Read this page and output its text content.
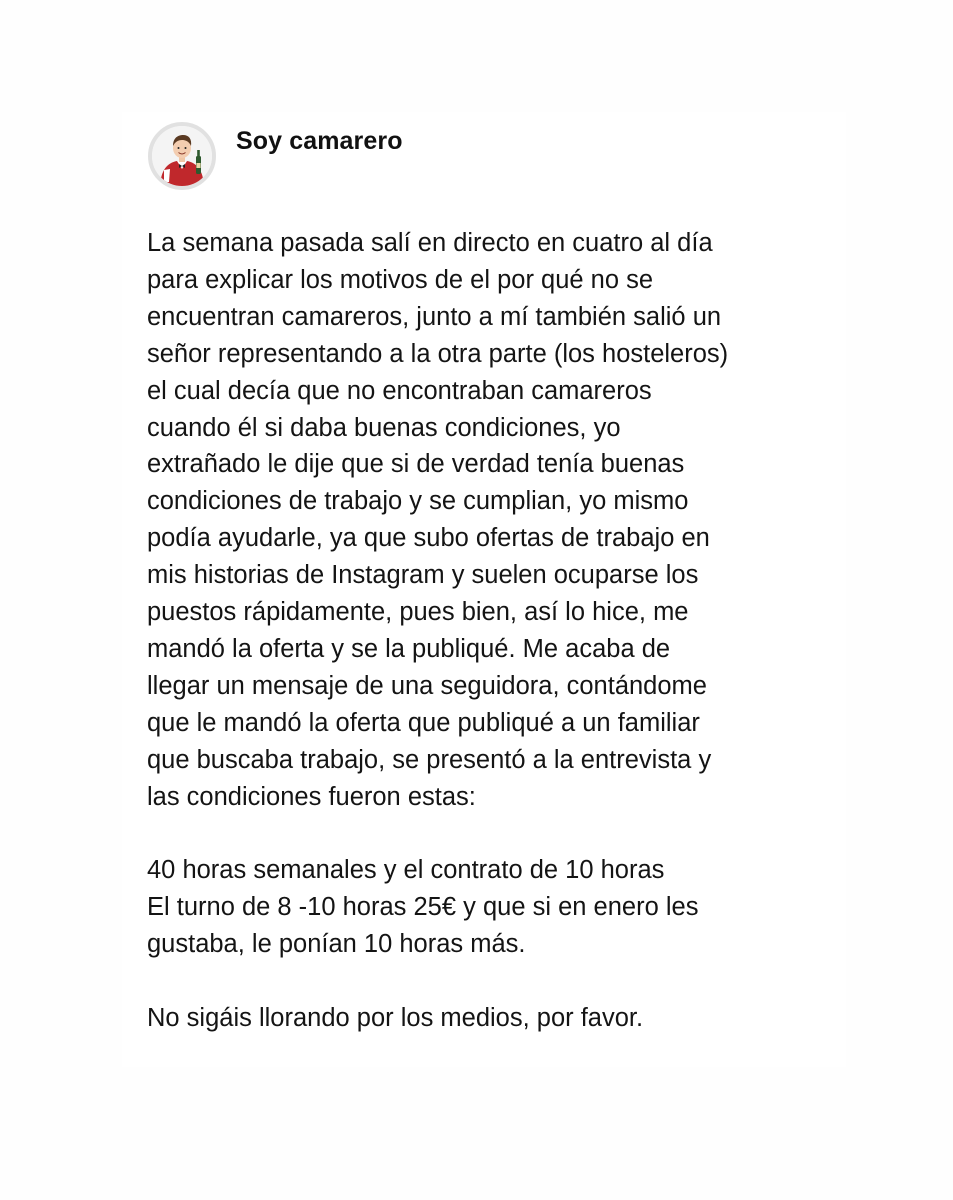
Soy camarero

La semana pasada salí en directo en cuatro al día
para explicar los motivos de el por qué no se
encuentran camareros, junto a mí también salió un
señor representando a la otra parte (los hosteleros)
el cual decía que no encontraban camareros
cuando él si daba buenas condiciones, yo
extrañado le dije que si de verdad tenía buenas
condiciones de trabajo y se cumplian, yo mismo
podía ayudarle, ya que subo ofertas de trabajo en
mis historias de Instagram y suelen ocuparse los
puestos rápidamente, pues bien, así lo hice, me
mandó la oferta y se la publiqué. Me acaba de
llegar un mensaje de una seguidora, contándome
que le mandó la oferta que publiqué a un familiar
que buscaba trabajo, se presentó a la entrevista y
las condiciones fueron estas:

40 horas semanales y el contrato de 10 horas
El turno de 8 -10 horas 25€ y que si en enero les
gustaba, le ponían 10 horas más.

No sigáis llorando por los medios, por favor.
